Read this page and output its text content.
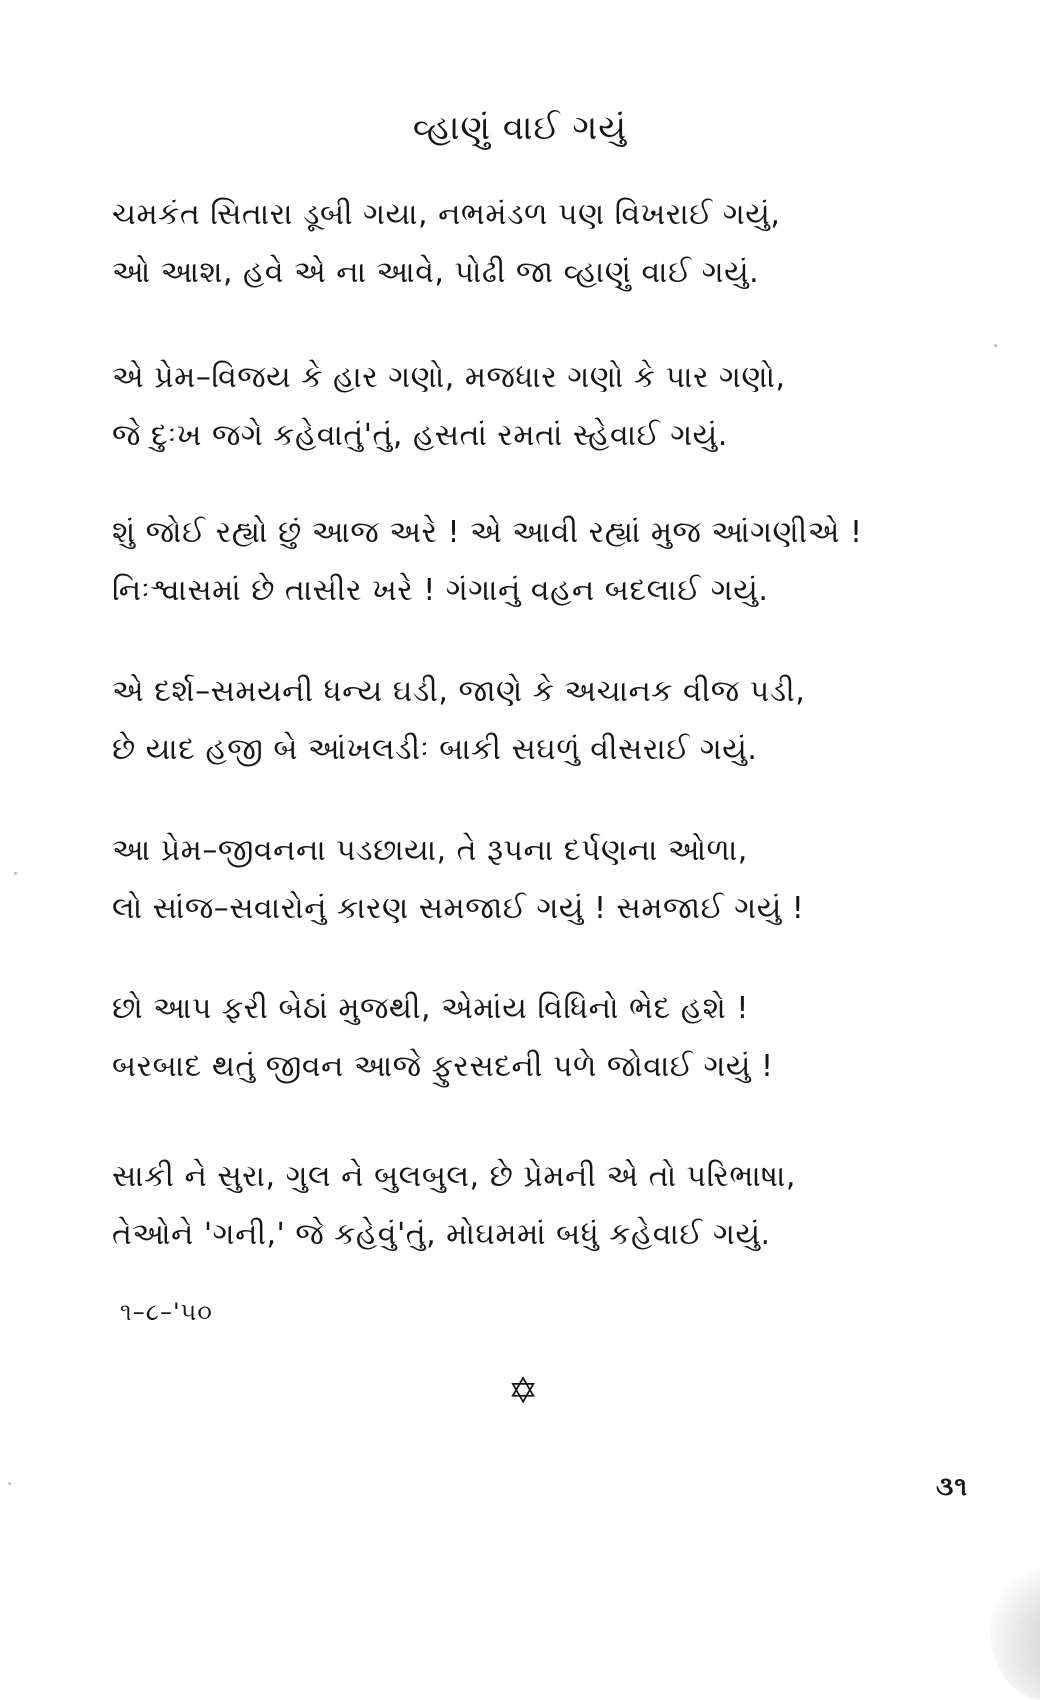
વ્હાણું વાઈ ગયું
ચમકંત સિતારા ડૂબી ગયા, નભમંડળ પણ વિખરાઈ ગયું,
ઓ આશ, હવે એ ના આવે, પોઢી જા વ્હાણું વાઈ ગયું.
એ પ્રેમ–વિજય કે હાર ગણો, મજધાર ગણો કે પાર ગણો,
જે દુઃખ જગે કહેવાતું'તું, હસતાં રમતાં સ્હેવાઈ ગયું.
શું જોઈ રહ્યો છું આજ અરે ! એ આવી રહ્યાં મુજ આંગણીએ !
નિઃશ્વાસમાં છે તાસીર ખરે ! ગંગાનું વહન બદલાઈ ગયું.
એ દર્શ–સમયની ધન્ય ઘડી, જાણે કે અચાનક વીજ પડી,
છે યાદ હજી બે આંખલડીઃ બાકી સઘળું વીસરાઈ ગયું.
આ પ્રેમ–જીવનના પડછાયા, તે રૂપના દર્પણના ઓળા,
લો સાંજ–સવારોનું કારણ સમજાઈ ગયું ! સમજાઈ ગયું !
છો આપ ફરી બેઠાં મુજથી, એમાંય વિધિનો ભેદ હશે !
બરબાદ થતું જીવન આજે ફુરસદની પળે જોવાઈ ગયું !
સાકી ને સુરા, ગુલ ને બુલબુલ, છે પ્રેમની એ તો પરિભાષા,
તેઓને 'ગની,' જે કહેવું'તું, મોઘમમાં બધું કહેવાઈ ગયું.
૧–૮–'૫૦
✡
૩૧
